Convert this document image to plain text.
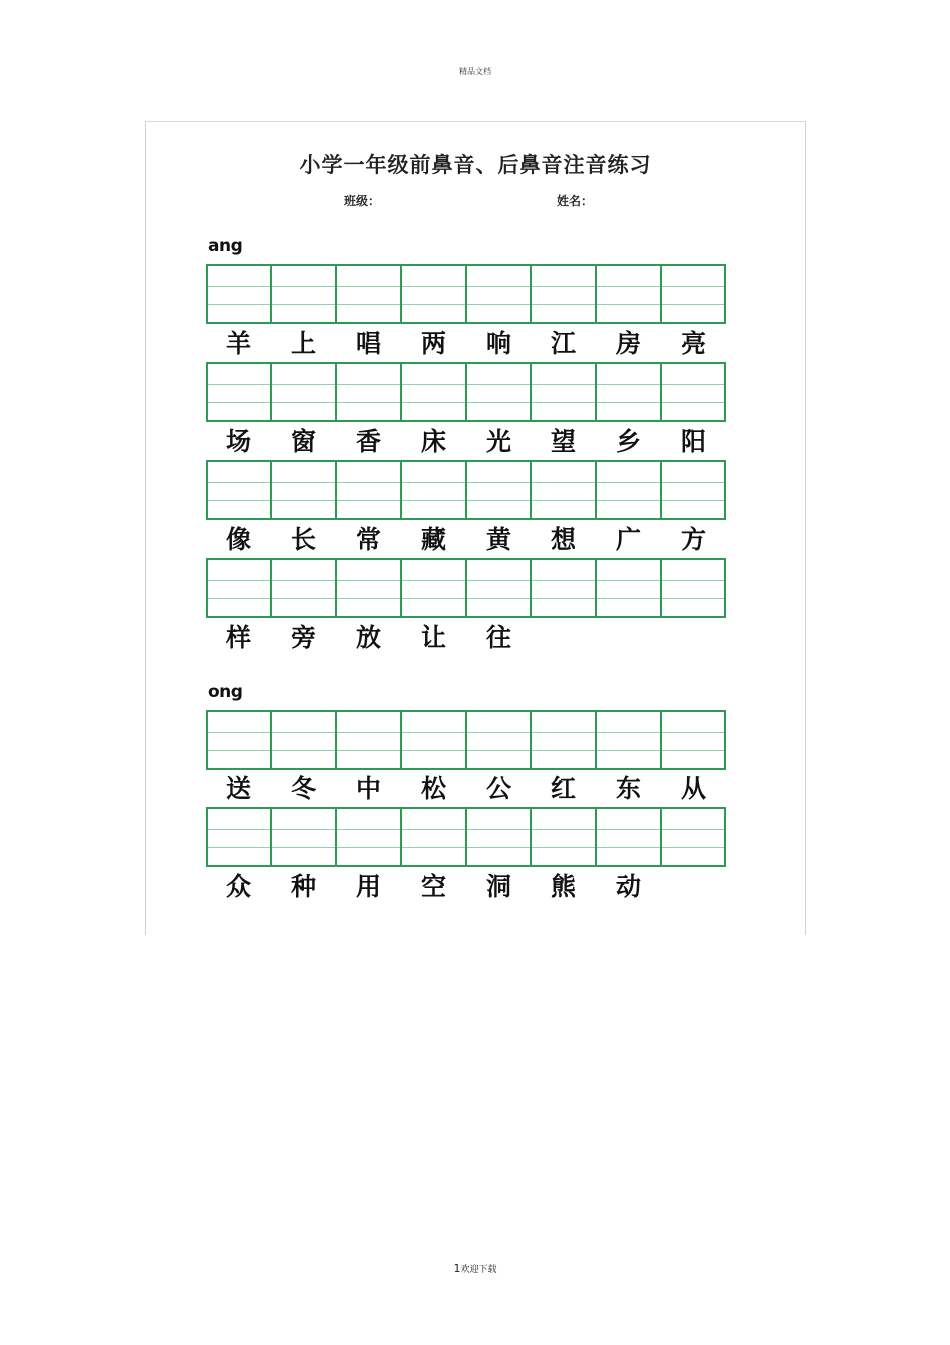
精品文档
小学一年级前鼻音、后鼻音注音练习
班级：	姓名：
ang
羊	上	唱	两	响	江	房	亮
场	窗	香	床	光	望	乡	阳
像	长	常	藏	黄	想	广	方
样	旁	放	让	往
ong
送	冬	中	松	公	红	东	从
众	种	用	空	洞	熊	动
1欢迎下载
